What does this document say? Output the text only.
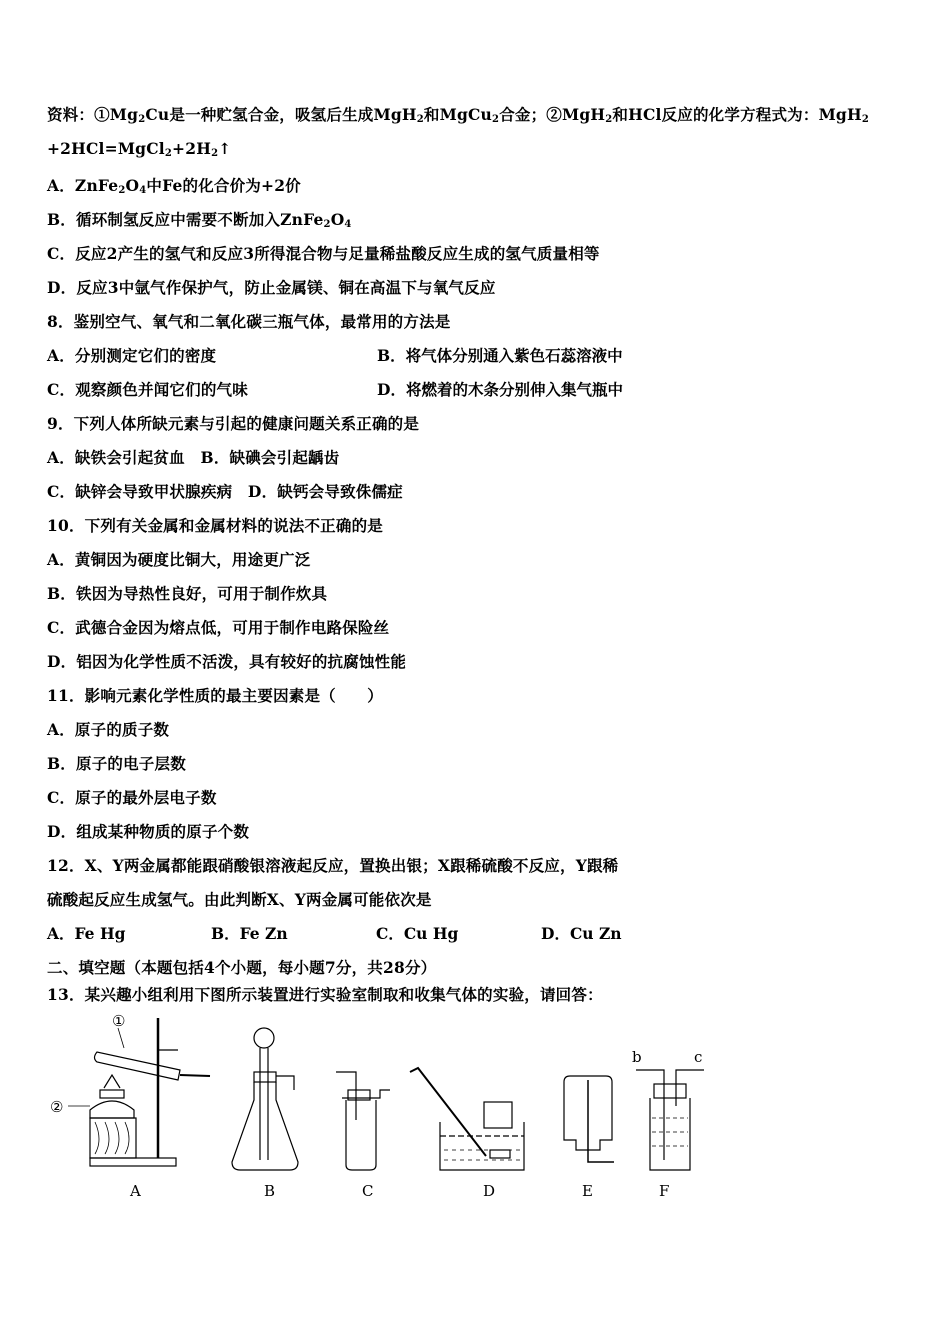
资料：$①Mg_2Cu$是一种贮氢合金，吸氢后生成MgH$_2$和MgCu$_2$合金；②MgH$_2$和HCl反应的化学方程式为：MgH$_2$
$+2HCl=MgCl_2+2H_2↑$
A．$ZnFe_2O_4$中Fe的化合价为+2价
B．循环制氢反应中需要不断加入$ZnFe_2O_4$
C．反应2产生的氢气和反应3所得混合物与足量稀盐酸反应生成的氢气质量相等
D．反应3中氩气作保护气，防止金属镁、铜在高温下与氧气反应
8．鉴别空气、氧气和二氧化碳三瓶气体，最常用的方法是
A．分别测定它们的密度	B．将气体分别通入紫色石蕊溶液中
C．观察颜色并闻它们的气味	D．将燃着的木条分别伸入集气瓶中
9．下列人体所缺元素与引起的健康问题关系正确的是
A．缺铁会引起贫血　B．缺碘会引起龋齿
C．缺锌会导致甲状腺疾病　D．缺钙会导致侏儒症
10．下列有关金属和金属材料的说法不正确的是
A．黄铜因为硬度比铜大，用途更广泛
B．铁因为导热性良好，可用于制作炊具
C．武德合金因为熔点低，可用于制作电路保险丝
D．铝因为化学性质不活泼，具有较好的抗腐蚀性能
11．影响元素化学性质的最主要因素是（　　）
A．原子的质子数
B．原子的电子层数
C．原子的最外层电子数
D．组成某种物质的原子个数
12．X、Y两金属都能跟硝酸银溶液起反应，置换出银；X跟稀硫酸不反应，Y跟稀
硫酸起反应生成氢气。由此判断X、Y两金属可能依次是
A．Fe Hg	B．Fe Zn	C．Cu Hg	D．Cu Zn
二、填空题（本题包括4个小题，每小题7分，共28分）
13．某兴趣小组利用下图所示装置进行实验室制取和收集气体的实验，请回答：
①
②
b	c
A	B	C	D	E	F
